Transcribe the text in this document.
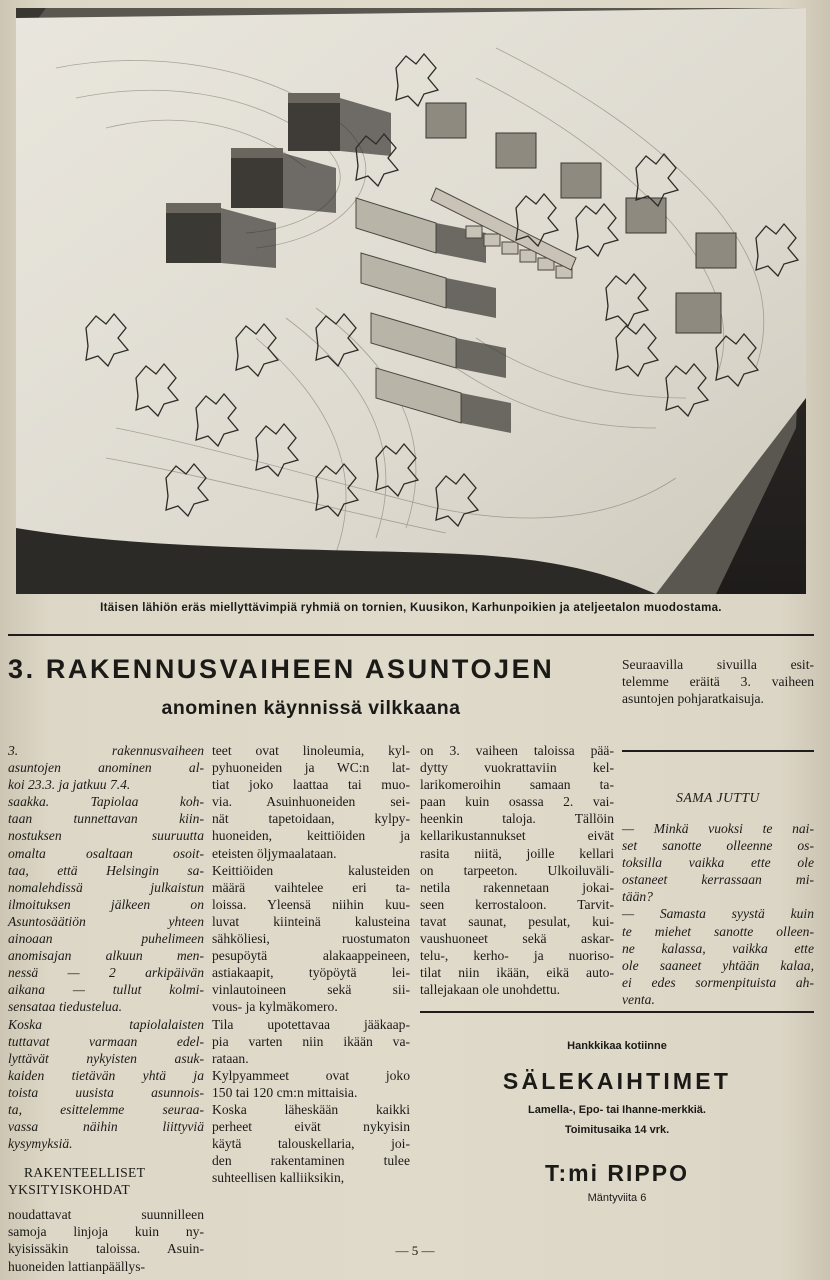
Itäisen lähiön eräs miellyttävimpiä ryhmiä on tornien, Kuusikon, Karhunpoikien ja ateljeetalon muodostama.
3. RAKENNUSVAIHEEN ASUNTOJEN
anominen käynnissä vilkkaana
3. rakennusvaiheen
asuntojen anominen al-
koi 23.3. ja jatkuu 7.4.
saakka. Tapiolaa koh-
taan tunnettavan kiin-
nostuksen suuruutta
omalta osaltaan osoit-
taa, että Helsingin sa-
nomalehdissä julkaistun
ilmoituksen jälkeen on
Asuntosäätiön yhteen
ainoaan puhelimeen
anomisajan alkuun men-
nessä — 2 arkipäivän
aikana — tullut kolmi-
sensataa tiedustelua.
Koska tapiolalaisten
tuttavat varmaan edel-
lyttävät nykyisten asuk-
kaiden tietävän yhtä ja
toista uusista asunnois-
ta, esittelemme seuraa-
vassa näihin liittyviä
kysymyksiä.

RAKENTEELLISET
YKSITYISKOHDAT

noudattavat suunnilleen
samoja linjoja kuin ny-
kyisissäkin taloissa. Asuin-
huoneiden lattianpäällys-
teet ovat linoleumia, kyl-
pyhuoneiden ja WC:n lat-
tiat joko laattaa tai muo-
via. Asuinhuoneiden sei-
nät tapetoidaan, kylpy-
huoneiden, keittiöiden ja
eteisten öljymaalataan.
Keittiöiden kalusteiden
määrä vaihtelee eri ta-
loissa. Yleensä niihin kuu-
luvat kiinteinä kalusteina
sähköliesi, ruostumaton
pesupöytä alakaappeineen,
astiakaapit, työpöytä lei-
vinlautoineen sekä sii-
vous- ja kylmäkomero.
Tila upotettavaa jääkaap-
pia varten niin ikään va-
rataan.
Kylpyammeet ovat joko
150 tai 120 cm:n mittaisia.
Koska läheskään kaikki
perheet eivät nykyisin
käytä talouskellaria, joi-
den rakentaminen tulee
suhteellisen kalliiksikin,
on 3. vaiheen taloissa pää-
dytty vuokrattaviin kel-
larikomeroihin samaan ta-
paan kuin osassa 2. vai-
heenkin taloja. Tällöin
kellarikustannukset eivät
rasita niitä, joille kellari
on tarpeeton. Ulkoiluväli-
netila rakennetaan jokai-
seen kerrostaloon. Tarvit-
tavat saunat, pesulat, kui-
vaushuoneet sekä askar-
telu-, kerho- ja nuoriso-
tilat niin ikään, eikä auto-
tallejakaan ole unohdettu.
Seuraavilla sivuilla esit-
telemme eräitä 3. vaiheen
asuntojen pohjaratkaisuja.
SAMA JUTTU
— Minkä vuoksi te nai-
set sanotte olleenne os-
toksilla vaikka ette ole
ostaneet kerrassaan mi-
tään?
— Samasta syystä kuin
te miehet sanotte olleen-
ne kalassa, vaikka ette
ole saaneet yhtään kalaa,
ei edes sormenpituista ah-
venta.
Hankkikaa kotiinne
SÄLEKAIHTIMET
Lamella-, Epo- tai Ihanne-merkkiä.
Toimitusaika 14 vrk.
T:mi RIPPO
Mäntyviita 6
— 5 —
